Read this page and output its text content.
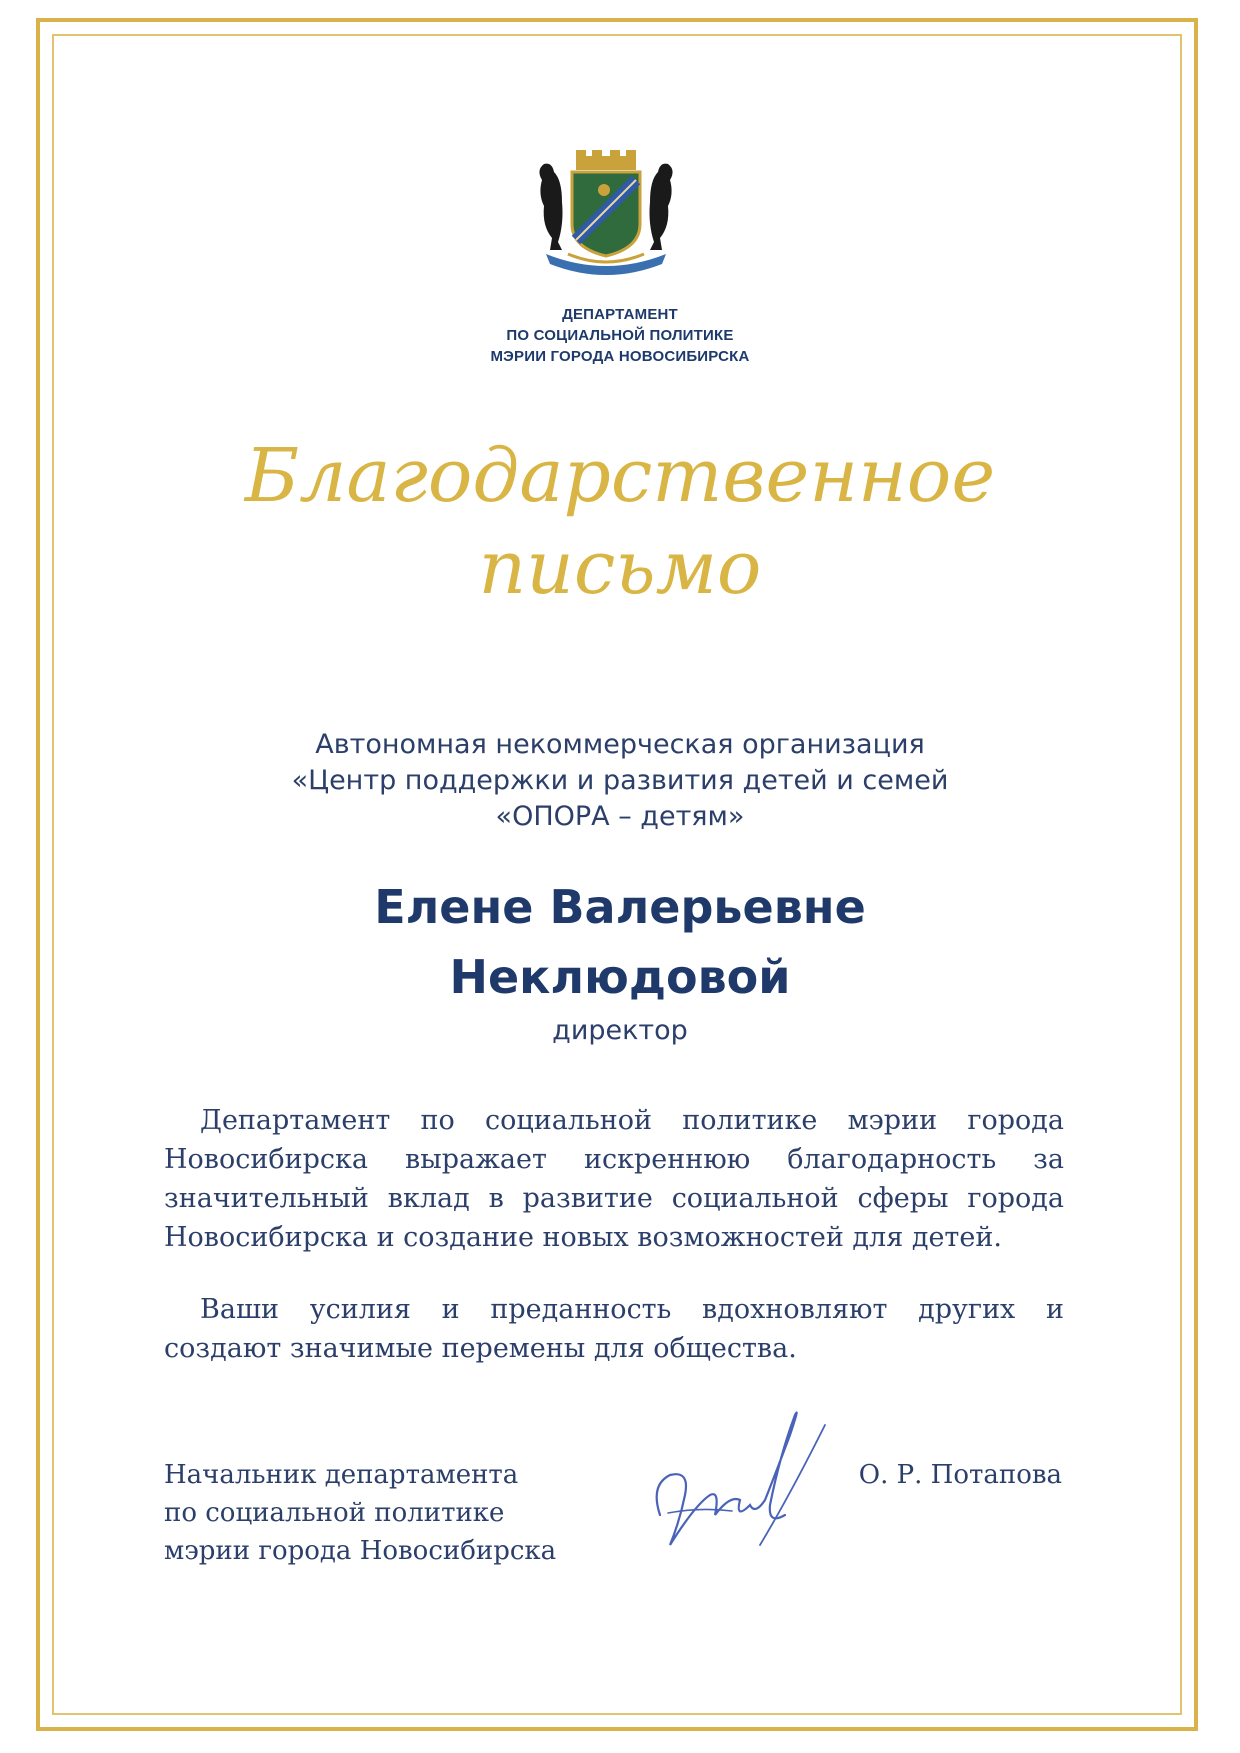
ДЕПАРТАМЕНТ
ПО СОЦИАЛЬНОЙ ПОЛИТИКЕ
МЭРИИ ГОРОДА НОВОСИБИРСКА
Благодарственное
письмо
Автономная некоммерческая организация
«Центр поддержки и развития детей и семей
«ОПОРА – детям»
Елене Валерьевне
Неклюдовой
директор
Департамент по социальной политике мэрии города
Новосибирска выражает искреннюю благодарность за
значительный вклад в развитие социальной сферы города
Новосибирска и создание новых возможностей для детей.
Ваши усилия и преданность вдохновляют других и
создают значимые перемены для общества.
Начальник департамента
по социальной политике
мэрии города Новосибирска
О. Р. Потапова
